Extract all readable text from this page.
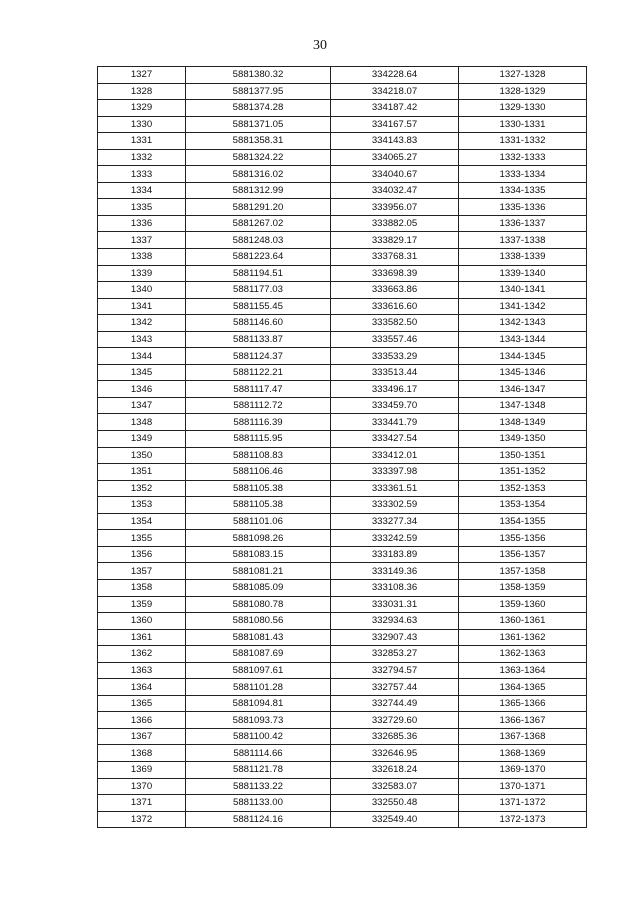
30
1327	5881380.32	334228.64	1327-1328
1328	5881377.95	334218.07	1328-1329
1329	5881374.28	334187.42	1329-1330
1330	5881371.05	334167.57	1330-1331
1331	5881358.31	334143.83	1331-1332
1332	5881324.22	334065.27	1332-1333
1333	5881316.02	334040.67	1333-1334
1334	5881312.99	334032.47	1334-1335
1335	5881291.20	333956.07	1335-1336
1336	5881267.02	333882.05	1336-1337
1337	5881248.03	333829.17	1337-1338
1338	5881223.64	333768.31	1338-1339
1339	5881194.51	333698.39	1339-1340
1340	5881177.03	333663.86	1340-1341
1341	5881155.45	333616.60	1341-1342
1342	5881146.60	333582.50	1342-1343
1343	5881133.87	333557.46	1343-1344
1344	5881124.37	333533.29	1344-1345
1345	5881122.21	333513.44	1345-1346
1346	5881117.47	333496.17	1346-1347
1347	5881112.72	333459.70	1347-1348
1348	5881116.39	333441.79	1348-1349
1349	5881115.95	333427.54	1349-1350
1350	5881108.83	333412.01	1350-1351
1351	5881106.46	333397.98	1351-1352
1352	5881105.38	333361.51	1352-1353
1353	5881105.38	333302.59	1353-1354
1354	5881101.06	333277.34	1354-1355
1355	5881098.26	333242.59	1355-1356
1356	5881083.15	333183.89	1356-1357
1357	5881081.21	333149.36	1357-1358
1358	5881085.09	333108.36	1358-1359
1359	5881080.78	333031.31	1359-1360
1360	5881080.56	332934.63	1360-1361
1361	5881081.43	332907.43	1361-1362
1362	5881087.69	332853.27	1362-1363
1363	5881097.61	332794.57	1363-1364
1364	5881101.28	332757.44	1364-1365
1365	5881094.81	332744.49	1365-1366
1366	5881093.73	332729.60	1366-1367
1367	5881100.42	332685.36	1367-1368
1368	5881114.66	332646.95	1368-1369
1369	5881121.78	332618.24	1369-1370
1370	5881133.22	332583.07	1370-1371
1371	5881133.00	332550.48	1371-1372
1372	5881124.16	332549.40	1372-1373
